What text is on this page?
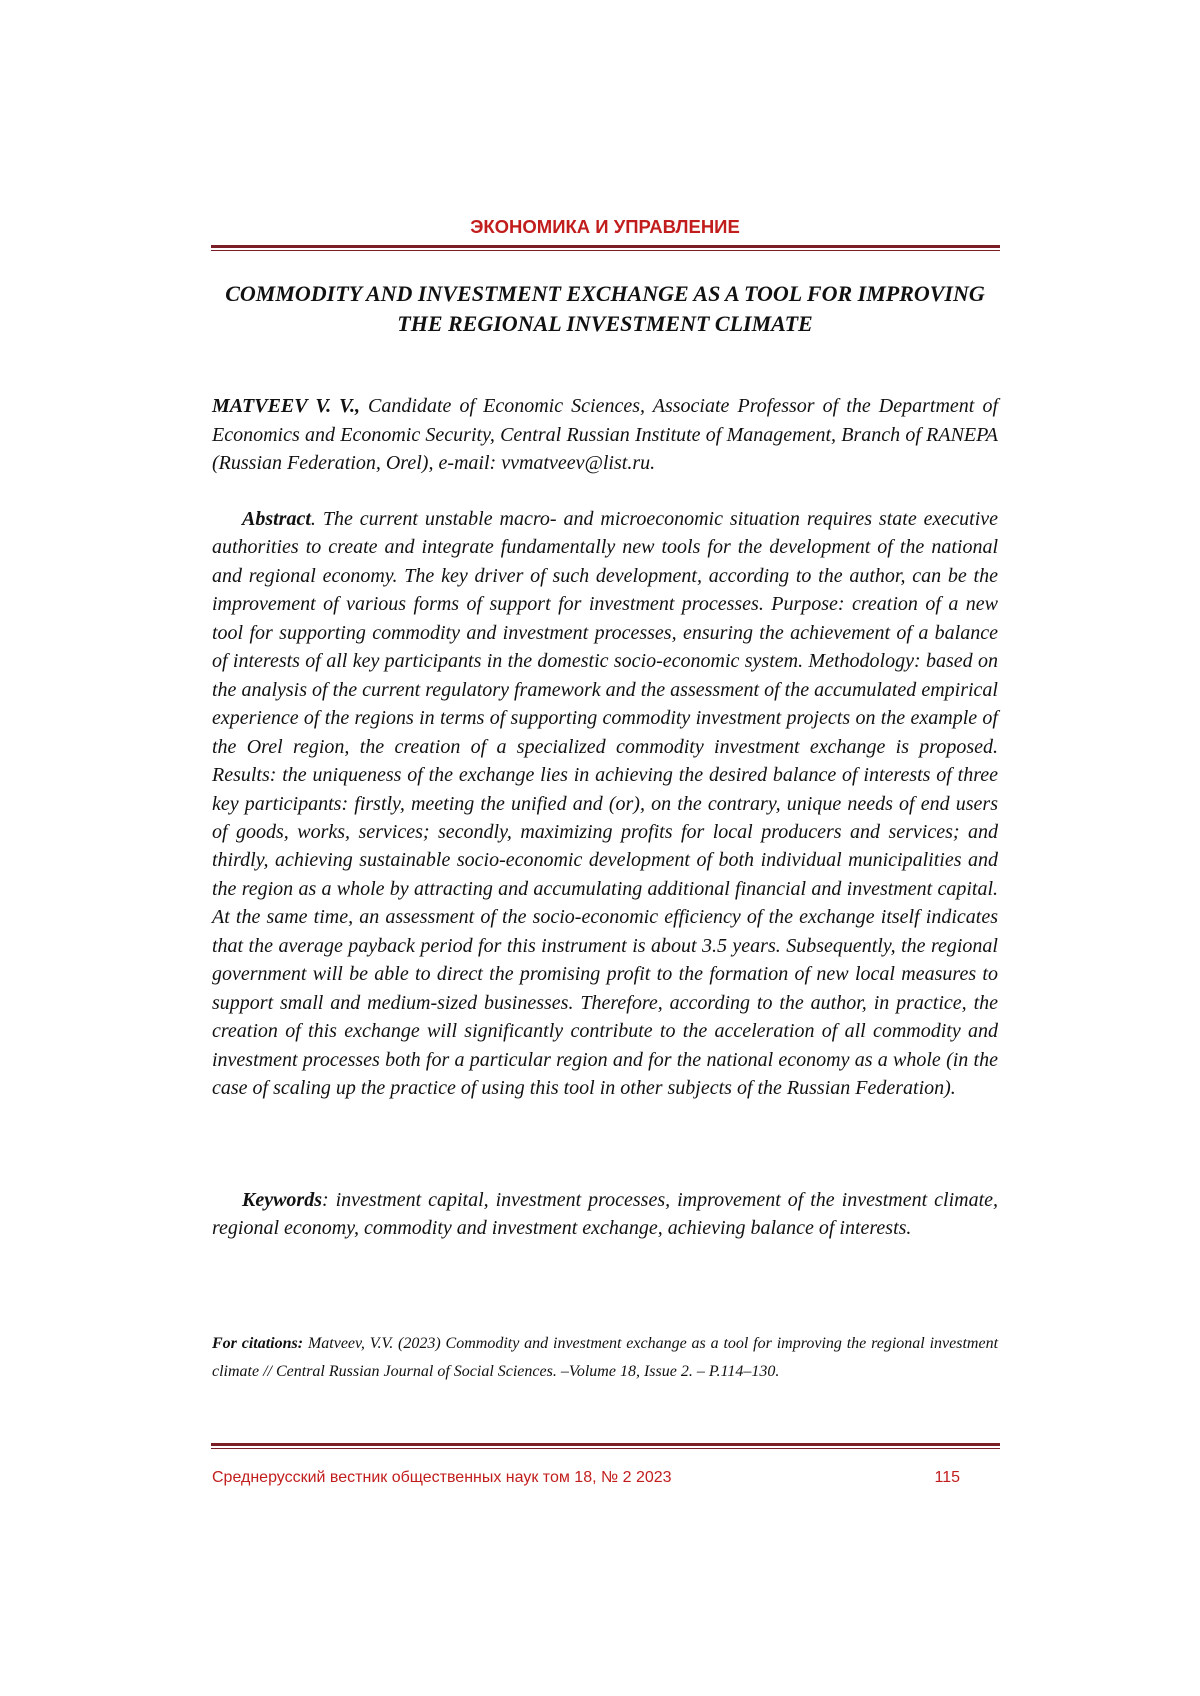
ЭКОНОМИКА И УПРАВЛЕНИЕ
COMMODITY AND INVESTMENT EXCHANGE AS A TOOL FOR IMPROVING
THE REGIONAL INVESTMENT CLIMATE
MATVEEV V. V., Candidate of Economic Sciences, Associate Professor of the Department of Economics and Economic Security, Central Russian Institute of Management, Branch of RANEPA (Russian Federation, Orel), e-mail: vvmatveev@list.ru.
Abstract. The current unstable macro- and microeconomic situation requires state executive authorities to create and integrate fundamentally new tools for the development of the national and regional economy. The key driver of such development, according to the author, can be the improvement of various forms of support for investment processes. Purpose: creation of a new tool for supporting commodity and investment processes, ensuring the achievement of a balance of interests of all key participants in the domestic socio-economic system. Methodology: based on the analysis of the current regulatory framework and the assessment of the accumulated empirical experience of the regions in terms of supporting commodity investment projects on the example of the Orel region, the creation of a specialized commodity investment exchange is proposed. Results: the uniqueness of the exchange lies in achieving the desired balance of interests of three key participants: firstly, meeting the unified and (or), on the contrary, unique needs of end users of goods, works, services; secondly, maximizing profits for local producers and services; and thirdly, achieving sustainable socio-economic development of both individual municipalities and the region as a whole by attracting and accumulating additional financial and investment capital. At the same time, an assessment of the socio-economic efficiency of the exchange itself indicates that the average payback period for this instrument is about 3.5 years. Subsequently, the regional government will be able to direct the promising profit to the formation of new local measures to support small and medium-sized businesses. Therefore, according to the author, in practice, the creation of this exchange will significantly contribute to the acceleration of all commodity and investment processes both for a particular region and for the national economy as a whole (in the case of scaling up the practice of using this tool in other subjects of the Russian Federation).
Keywords: investment capital, investment processes, improvement of the investment climate, regional economy, commodity and investment exchange, achieving balance of interests.
For citations: Matveev, V.V. (2023) Commodity and investment exchange as a tool for improving the regional investment climate // Central Russian Journal of Social Sciences. –Volume 18, Issue 2. – P.114–130.
Среднерусский вестник общественных наук том 18, № 2 2023	115
